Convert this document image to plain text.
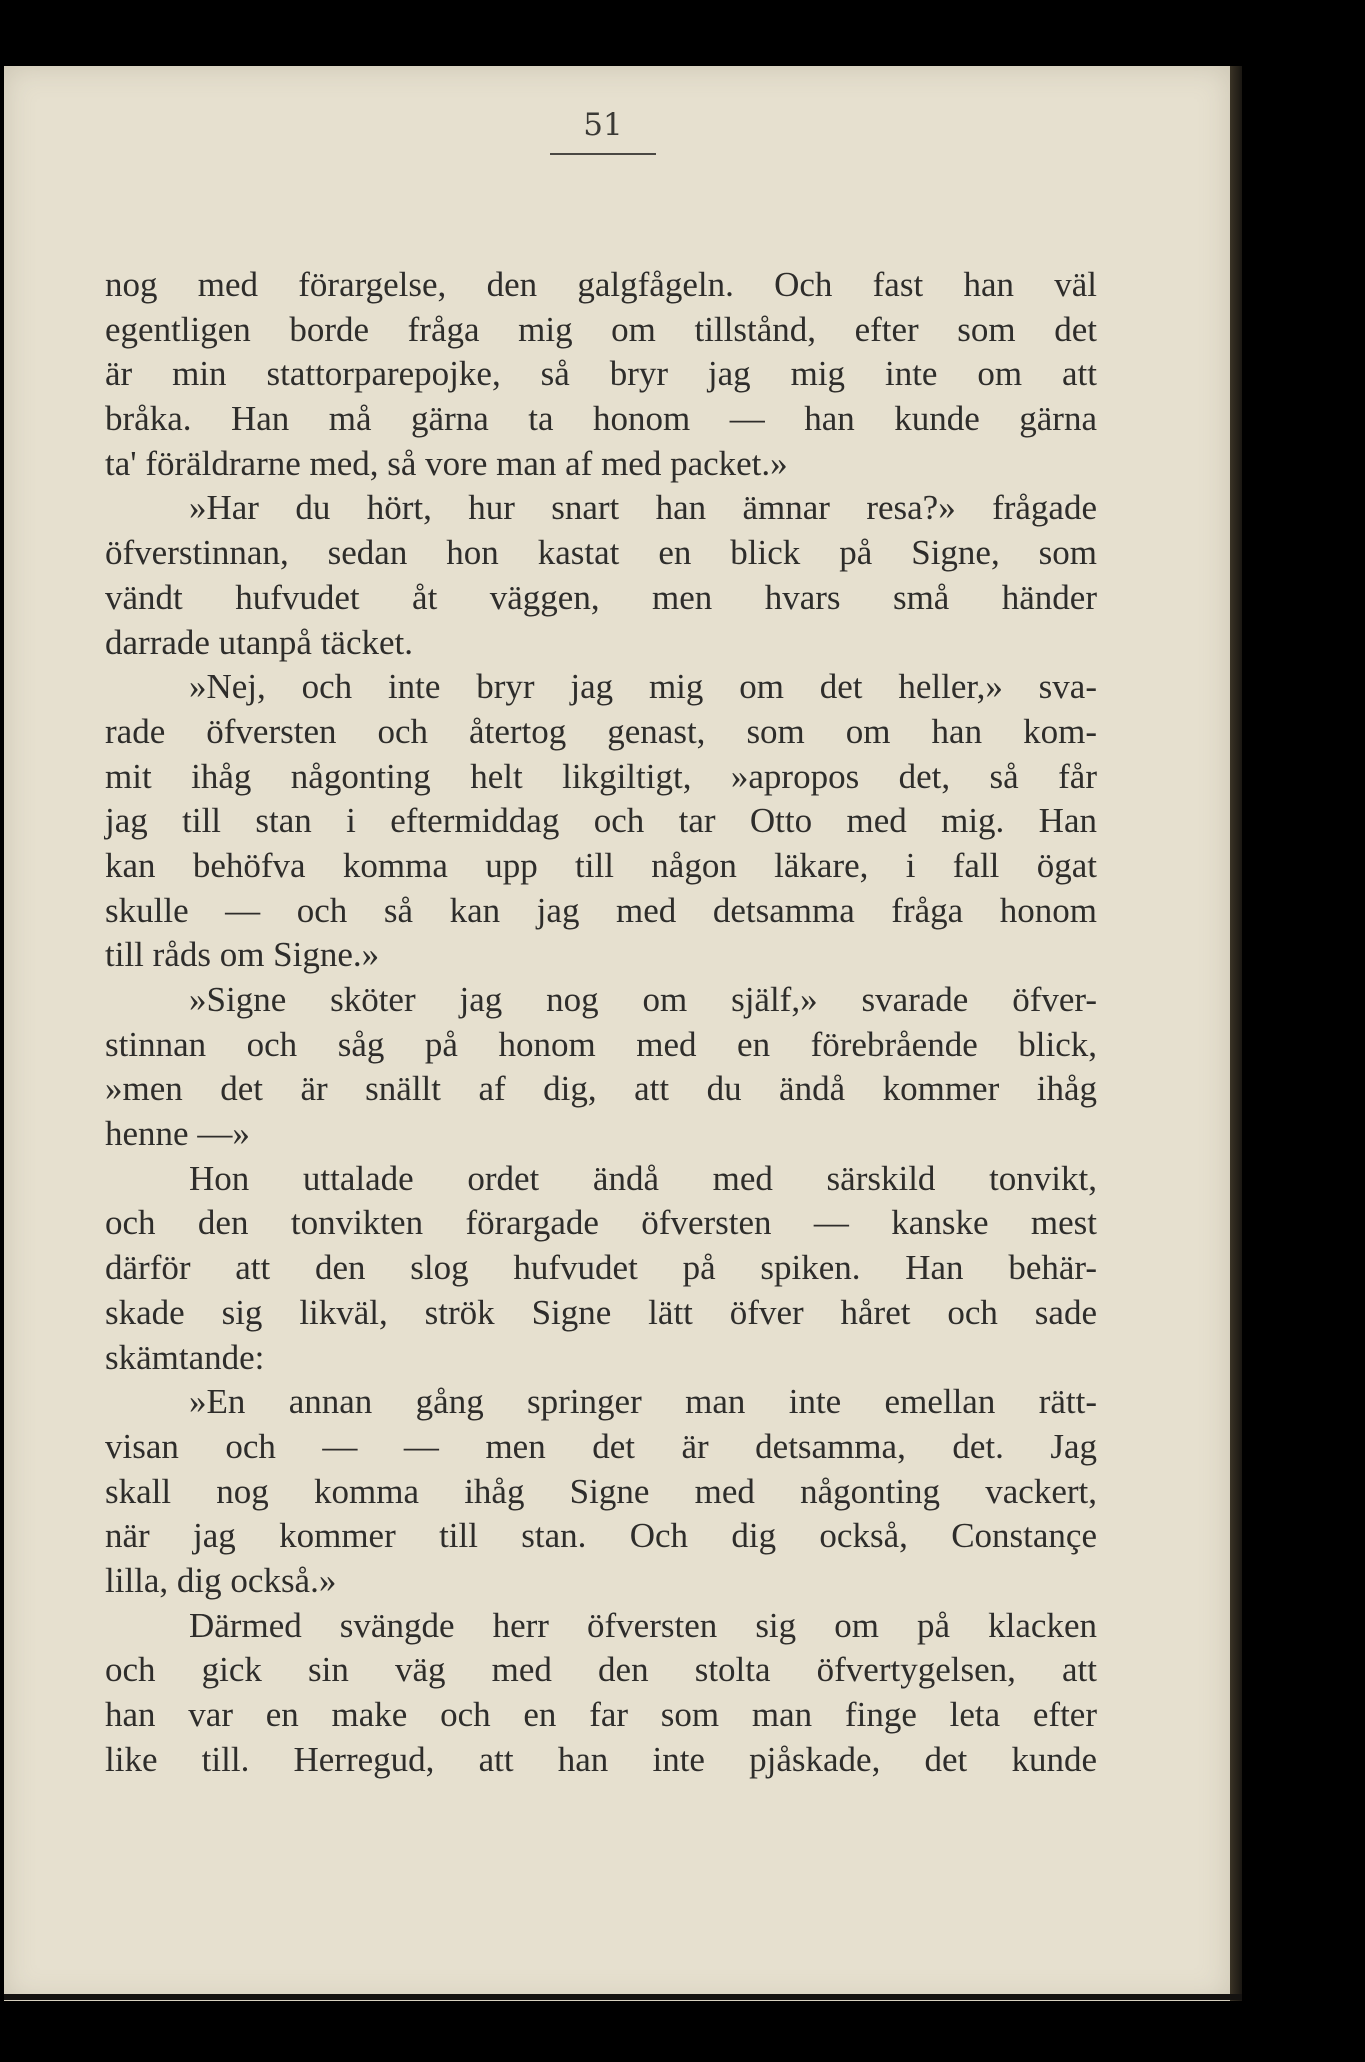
51
nog med förargelse, den galgfågeln. Och fast han väl
egentligen borde fråga mig om tillstånd, efter som det
är min stattorparepojke, så bryr jag mig inte om att
bråka. Han må gärna ta honom — han kunde gärna
ta' föräldrarne med, så vore man af med packet.»
»Har du hört, hur snart han ämnar resa?» frågade
öfverstinnan, sedan hon kastat en blick på Signe, som
vändt hufvudet åt väggen, men hvars små händer
darrade utanpå täcket.
»Nej, och inte bryr jag mig om det heller,» sva-
rade öfversten och återtog genast, som om han kom-
mit ihåg någonting helt likgiltigt, »apropos det, så får
jag till stan i eftermiddag och tar Otto med mig. Han
kan behöfva komma upp till någon läkare, i fall ögat
skulle — och så kan jag med detsamma fråga honom
till råds om Signe.»
»Signe sköter jag nog om själf,» svarade öfver-
stinnan och såg på honom med en förebrående blick,
»men det är snällt af dig, att du ändå kommer ihåg
henne —»
Hon uttalade ordet ändå med särskild tonvikt,
och den tonvikten förargade öfversten — kanske mest
därför att den slog hufvudet på spiken. Han behär-
skade sig likväl, strök Signe lätt öfver håret och sade
skämtande:
»En annan gång springer man inte emellan rätt-
visan och — — men det är detsamma, det. Jag
skall nog komma ihåg Signe med någonting vackert,
när jag kommer till stan. Och dig också, Constançe
lilla, dig också.»
Därmed svängde herr öfversten sig om på klacken
och gick sin väg med den stolta öfvertygelsen, att
han var en make och en far som man finge leta efter
like till. Herregud, att han inte pjåskade, det kunde
